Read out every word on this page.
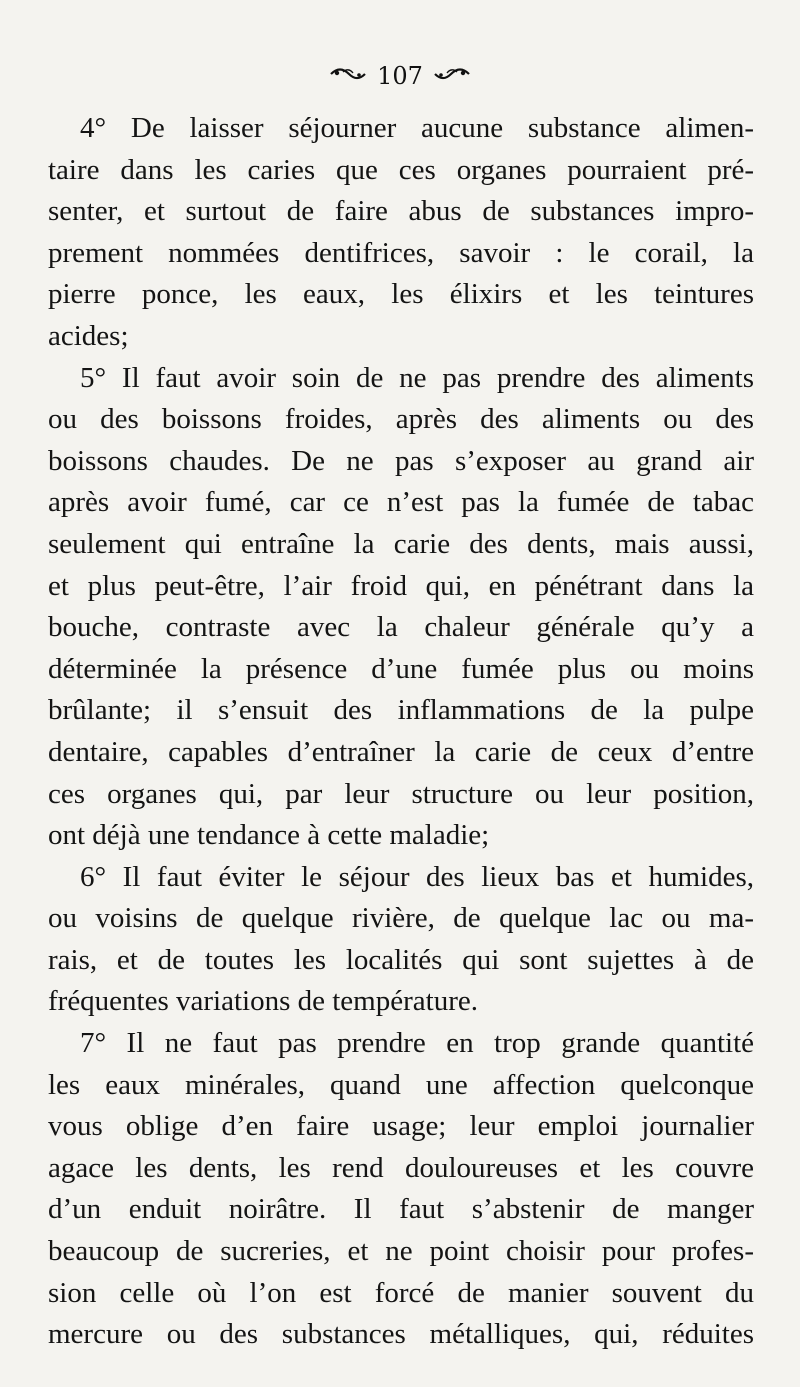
107
4° De laisser séjourner aucune substance alimen-
taire dans les caries que ces organes pourraient pré-
senter, et surtout de faire abus de substances impro-
prement nommées dentifrices, savoir : le corail, la
pierre ponce, les eaux, les élixirs et les teintures
acides;
5° Il faut avoir soin de ne pas prendre des aliments
ou des boissons froides, après des aliments ou des
boissons chaudes. De ne pas s’exposer au grand air
après avoir fumé, car ce n’est pas la fumée de tabac
seulement qui entraîne la carie des dents, mais aussi,
et plus peut-être, l’air froid qui, en pénétrant dans la
bouche, contraste avec la chaleur générale qu’y a
déterminée la présence d’une fumée plus ou moins
brûlante; il s’ensuit des inflammations de la pulpe
dentaire, capables d’entraîner la carie de ceux d’entre
ces organes qui, par leur structure ou leur position,
ont déjà une tendance à cette maladie;
6° Il faut éviter le séjour des lieux bas et humides,
ou voisins de quelque rivière, de quelque lac ou ma-
rais, et de toutes les localités qui sont sujettes à de
fréquentes variations de température.
7° Il ne faut pas prendre en trop grande quantité
les eaux minérales, quand une affection quelconque
vous oblige d’en faire usage; leur emploi journalier
agace les dents, les rend douloureuses et les couvre
d’un enduit noirâtre. Il faut s’abstenir de manger
beaucoup de sucreries, et ne point choisir pour profes-
sion celle où l’on est forcé de manier souvent du
mercure ou des substances métalliques, qui, réduites
